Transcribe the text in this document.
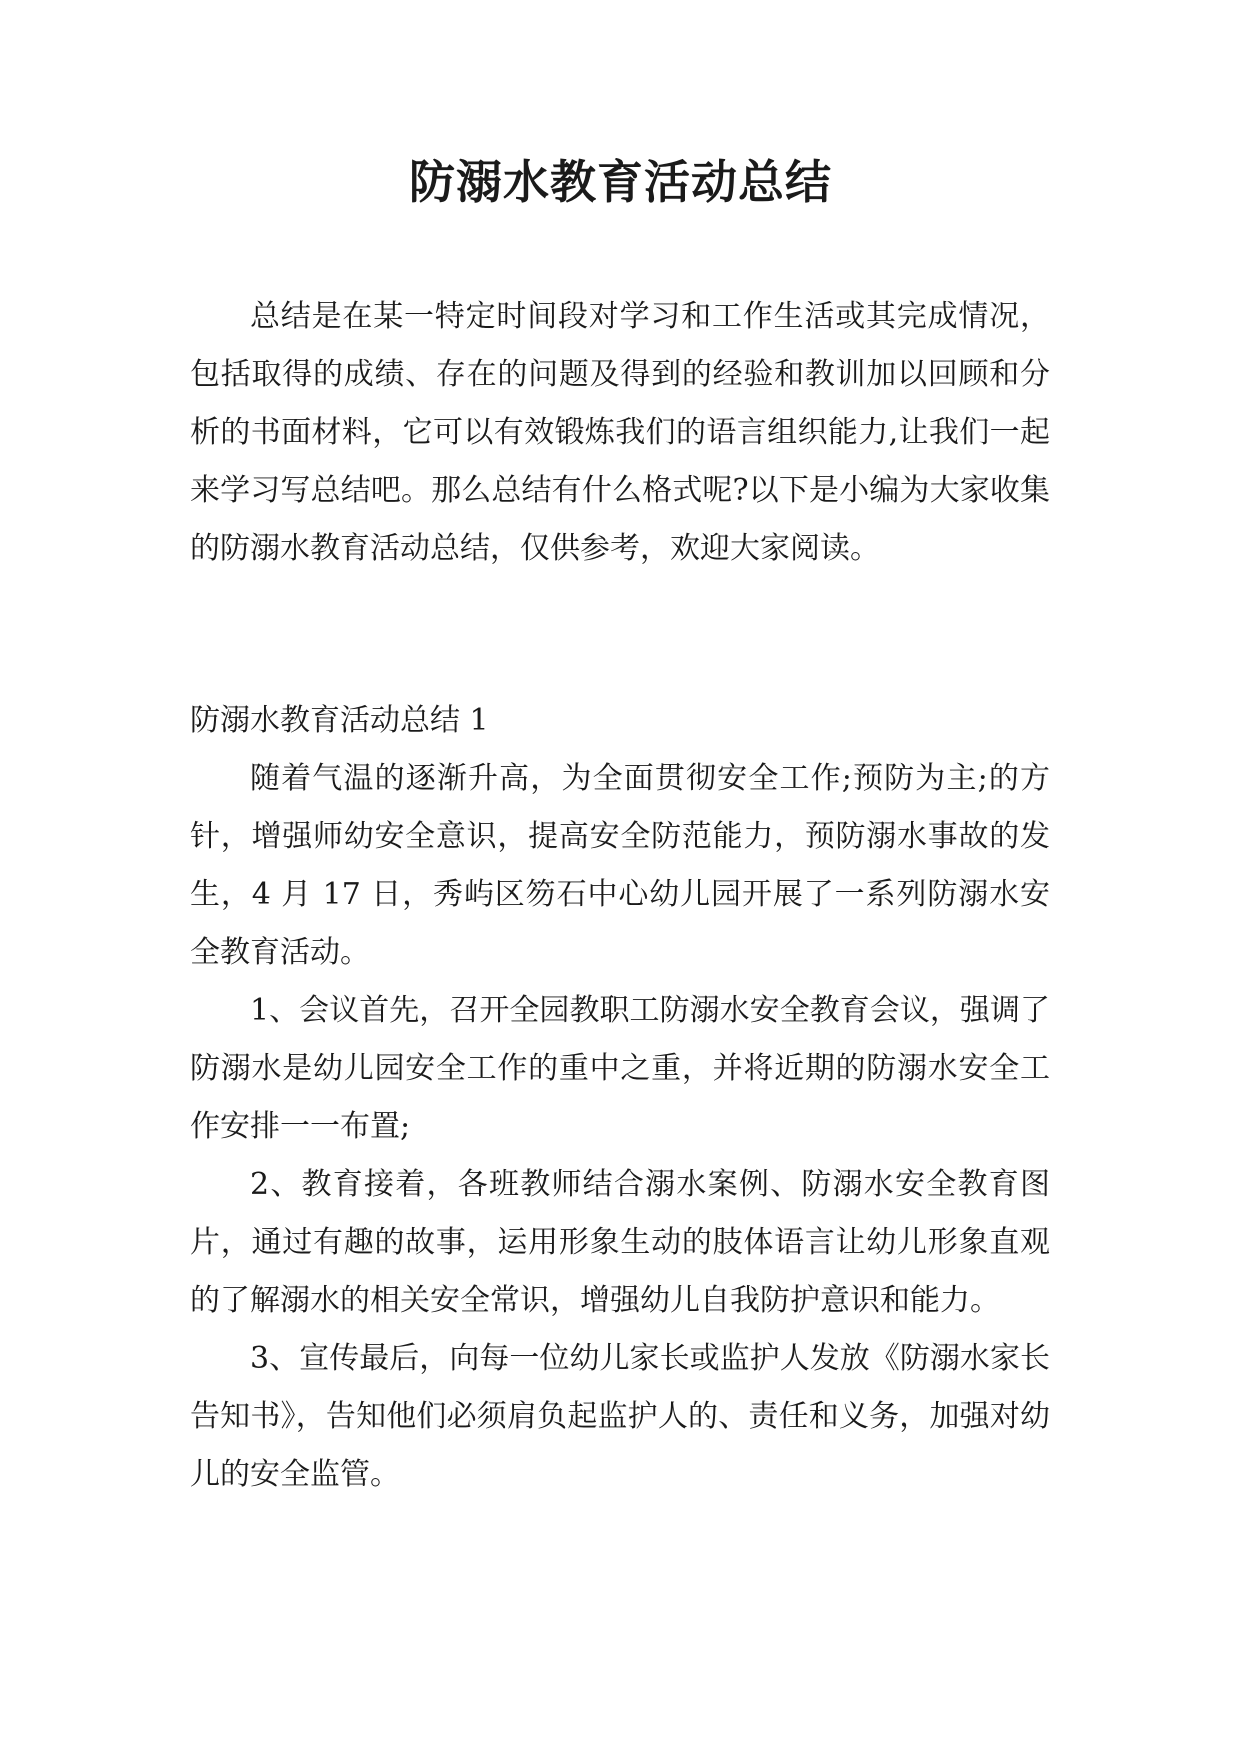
防溺水教育活动总结

总结是在某一特定时间段对学习和工作生活或其完成情况，包括取得的成绩、存在的问题及得到的经验和教训加以回顾和分析的书面材料，它可以有效锻炼我们的语言组织能力,让我们一起来学习写总结吧。那么总结有什么格式呢?以下是小编为大家收集的防溺水教育活动总结，仅供参考，欢迎大家阅读。

防溺水教育活动总结 1

随着气温的逐渐升高，为全面贯彻安全工作;预防为主;的方针，增强师幼安全意识，提高安全防范能力，预防溺水事故的发生，4 月 17 日，秀屿区笏石中心幼儿园开展了一系列防溺水安全教育活动。

1、会议首先，召开全园教职工防溺水安全教育会议，强调了防溺水是幼儿园安全工作的重中之重，并将近期的防溺水安全工作安排一一布置;

2、教育接着，各班教师结合溺水案例、防溺水安全教育图片，通过有趣的故事，运用形象生动的肢体语言让幼儿形象直观的了解溺水的相关安全常识，增强幼儿自我防护意识和能力。

3、宣传最后，向每一位幼儿家长或监护人发放《防溺水家长告知书》，告知他们必须肩负起监护人的、责任和义务，加强对幼儿的安全监管。
